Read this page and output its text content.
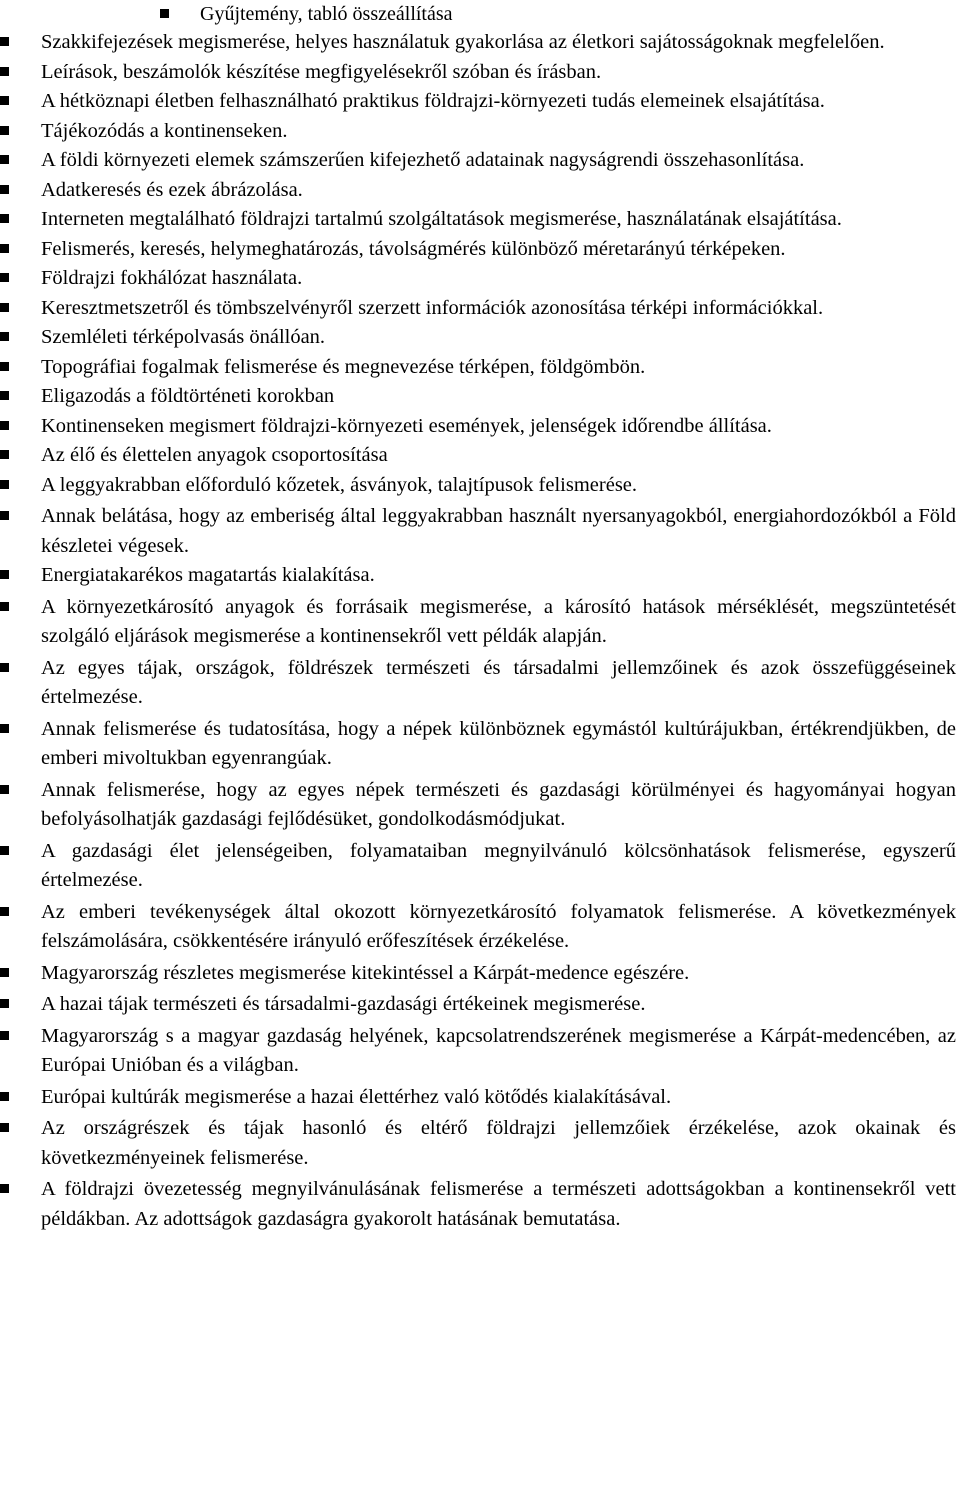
Gyűjtemény, tabló összeállítása
Szakkifejezések megismerése, helyes használatuk gyakorlása az életkori sajátosságoknak megfelelően.
Leírások, beszámolók készítése megfigyelésekről szóban és írásban.
A hétköznapi életben felhasználható praktikus földrajzi-környezeti tudás elemeinek elsajátítása.
Tájékozódás a kontinenseken.
A földi környezeti elemek számszerűen kifejezhető adatainak nagyságrendi összehasonlítása.
Adatkeresés és ezek ábrázolása.
Interneten megtalálható földrajzi tartalmú szolgáltatások megismerése, használatának elsajátítása.
Felismerés, keresés, helymeghatározás, távolságmérés különböző méretarányú térképeken.
Földrajzi fokhálózat használata.
Keresztmetszetről és tömbszelvényről szerzett információk azonosítása térképi információkkal.
Szemléleti térképolvasás önállóan.
Topográfiai fogalmak felismerése és megnevezése térképen, földgömbön.
Eligazodás a földtörténeti korokban
Kontinenseken megismert földrajzi-környezeti események, jelenségek időrendbe állítása.
Az élő és élettelen anyagok csoportosítása
A leggyakrabban előforduló kőzetek, ásványok, talajtípusok felismerése.
Annak belátása, hogy az emberiség által leggyakrabban használt nyersanyagokból, energiahordozókból a Föld készletei végesek.
Energiatakarékos magatartás kialakítása.
A környezetkárosító anyagok és forrásaik megismerése, a károsító hatások mérséklését, megszüntetését szolgáló eljárások megismerése a kontinensekről vett példák alapján.
Az egyes tájak, országok, földrészek természeti és társadalmi jellemzőinek és azok összefüggéseinek értelmezése.
Annak felismerése és tudatosítása, hogy a népek különböznek egymástól kultúrájukban, értékrendjükben, de emberi mivoltukban egyenrangúak.
Annak felismerése, hogy az egyes népek természeti és gazdasági körülményei és hagyományai hogyan befolyásolhatják gazdasági fejlődésüket, gondolkodásmódjukat.
A gazdasági élet jelenségeiben, folyamataiban megnyilvánuló kölcsönhatások felismerése, egyszerű értelmezése.
Az emberi tevékenységek által okozott környezetkárosító folyamatok felismerése. A következmények felszámolására, csökkentésére irányuló erőfeszítések érzékelése.
Magyarország részletes megismerése kitekintéssel a Kárpát-medence egészére.
A hazai tájak természeti és társadalmi-gazdasági értékeinek megismerése.
Magyarország s a magyar gazdaság helyének, kapcsolatrendszerének megismerése a Kárpát-medencében, az Európai Unióban és a világban.
Európai kultúrák megismerése a hazai élettérhez való kötődés kialakításával.
Az országrészek és tájak hasonló és eltérő földrajzi jellemzőiek érzékelése, azok okainak és következményeinek felismerése.
A földrajzi övezetesség megnyilvánulásának felismerése a természeti adottságokban a kontinensekről vett példákban. Az adottságok gazdaságra gyakorolt hatásának bemutatása.
